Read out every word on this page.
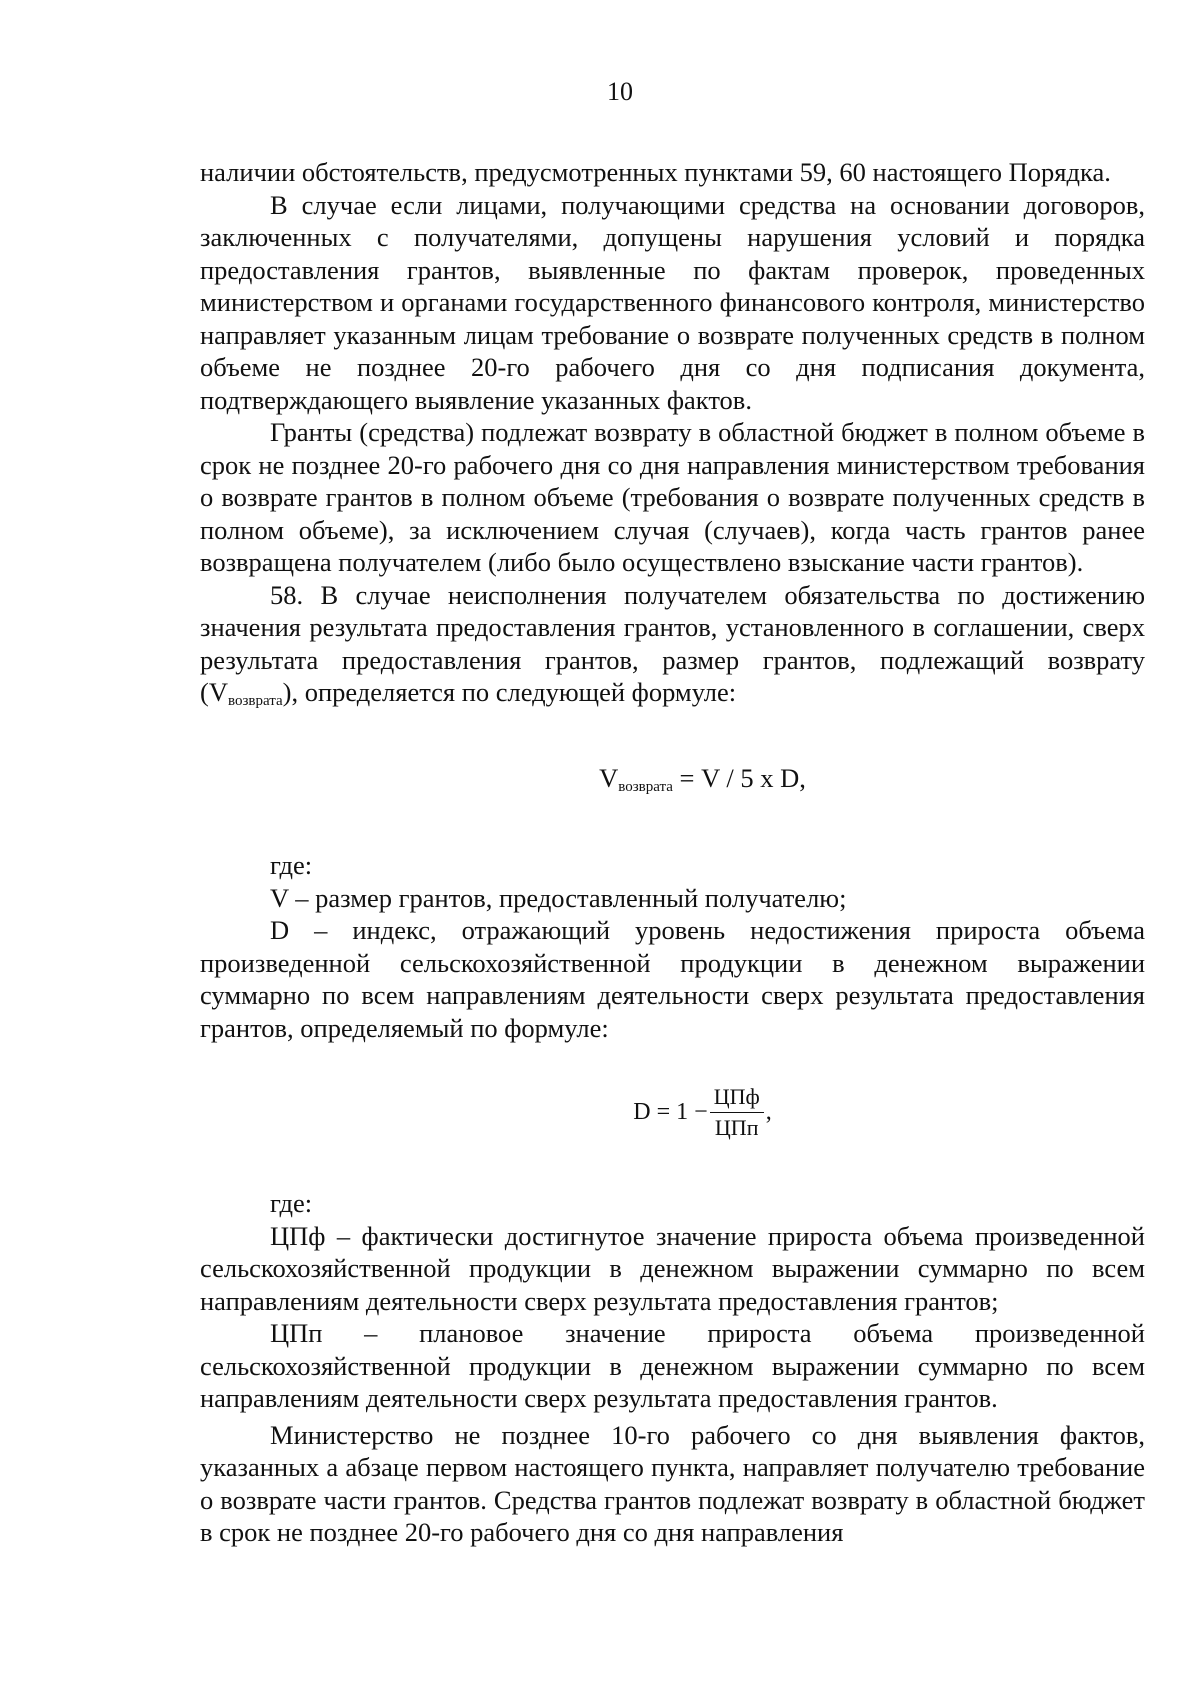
10

наличии обстоятельств, предусмотренных пунктами 59, 60 настоящего Порядка.

В случае если лицами, получающими средства на основании договоров, заключенных с получателями, допущены нарушения условий и порядка предоставления грантов, выявленные по фактам проверок, проведенных министерством и органами государственного финансового контроля, министерство направляет указанным лицам требование о возврате полученных средств в полном объеме не позднее 20-го рабочего дня со дня подписания документа, подтверждающего выявление указанных фактов.

Гранты (средства) подлежат возврату в областной бюджет в полном объеме в срок не позднее 20-го рабочего дня со дня направления министерством требования о возврате грантов в полном объеме (требования о возврате полученных средств в полном объеме), за исключением случая (случаев), когда часть грантов ранее возвращена получателем (либо было осуществлено взыскание части грантов).

58. В случае неисполнения получателем обязательства по достижению значения результата предоставления грантов, установленного в соглашении, сверх результата предоставления грантов, размер грантов, подлежащий возврату (Vвозврата), определяется по следующей формуле:

$V_{возврата} = V / 5$ x D,

где:

V – размер грантов, предоставленный получателю;

D – индекс, отражающий уровень недостижения прироста объема произведенной сельскохозяйственной продукции в денежном выражении суммарно по всем направлениям деятельности сверх результата предоставления грантов, определяемый по формуле:

$D = 1 - \frac{\text{ЦПф}}{\text{ЦПп}}$ ,

где:

ЦПф – фактически достигнутое значение прироста объема произведенной сельскохозяйственной продукции в денежном выражении суммарно по всем направлениям деятельности сверх результата предоставления грантов;

ЦПп – плановое значение прироста объема произведенной сельскохозяйственной продукции в денежном выражении суммарно по всем направлениям деятельности сверх результата предоставления грантов.

Министерство не позднее 10-го рабочего со дня выявления фактов, указанных а абзаце первом настоящего пункта, направляет получателю требование о возврате части грантов. Средства грантов подлежат возврату в областной бюджет в срок не позднее 20-го рабочего дня со дня направления
